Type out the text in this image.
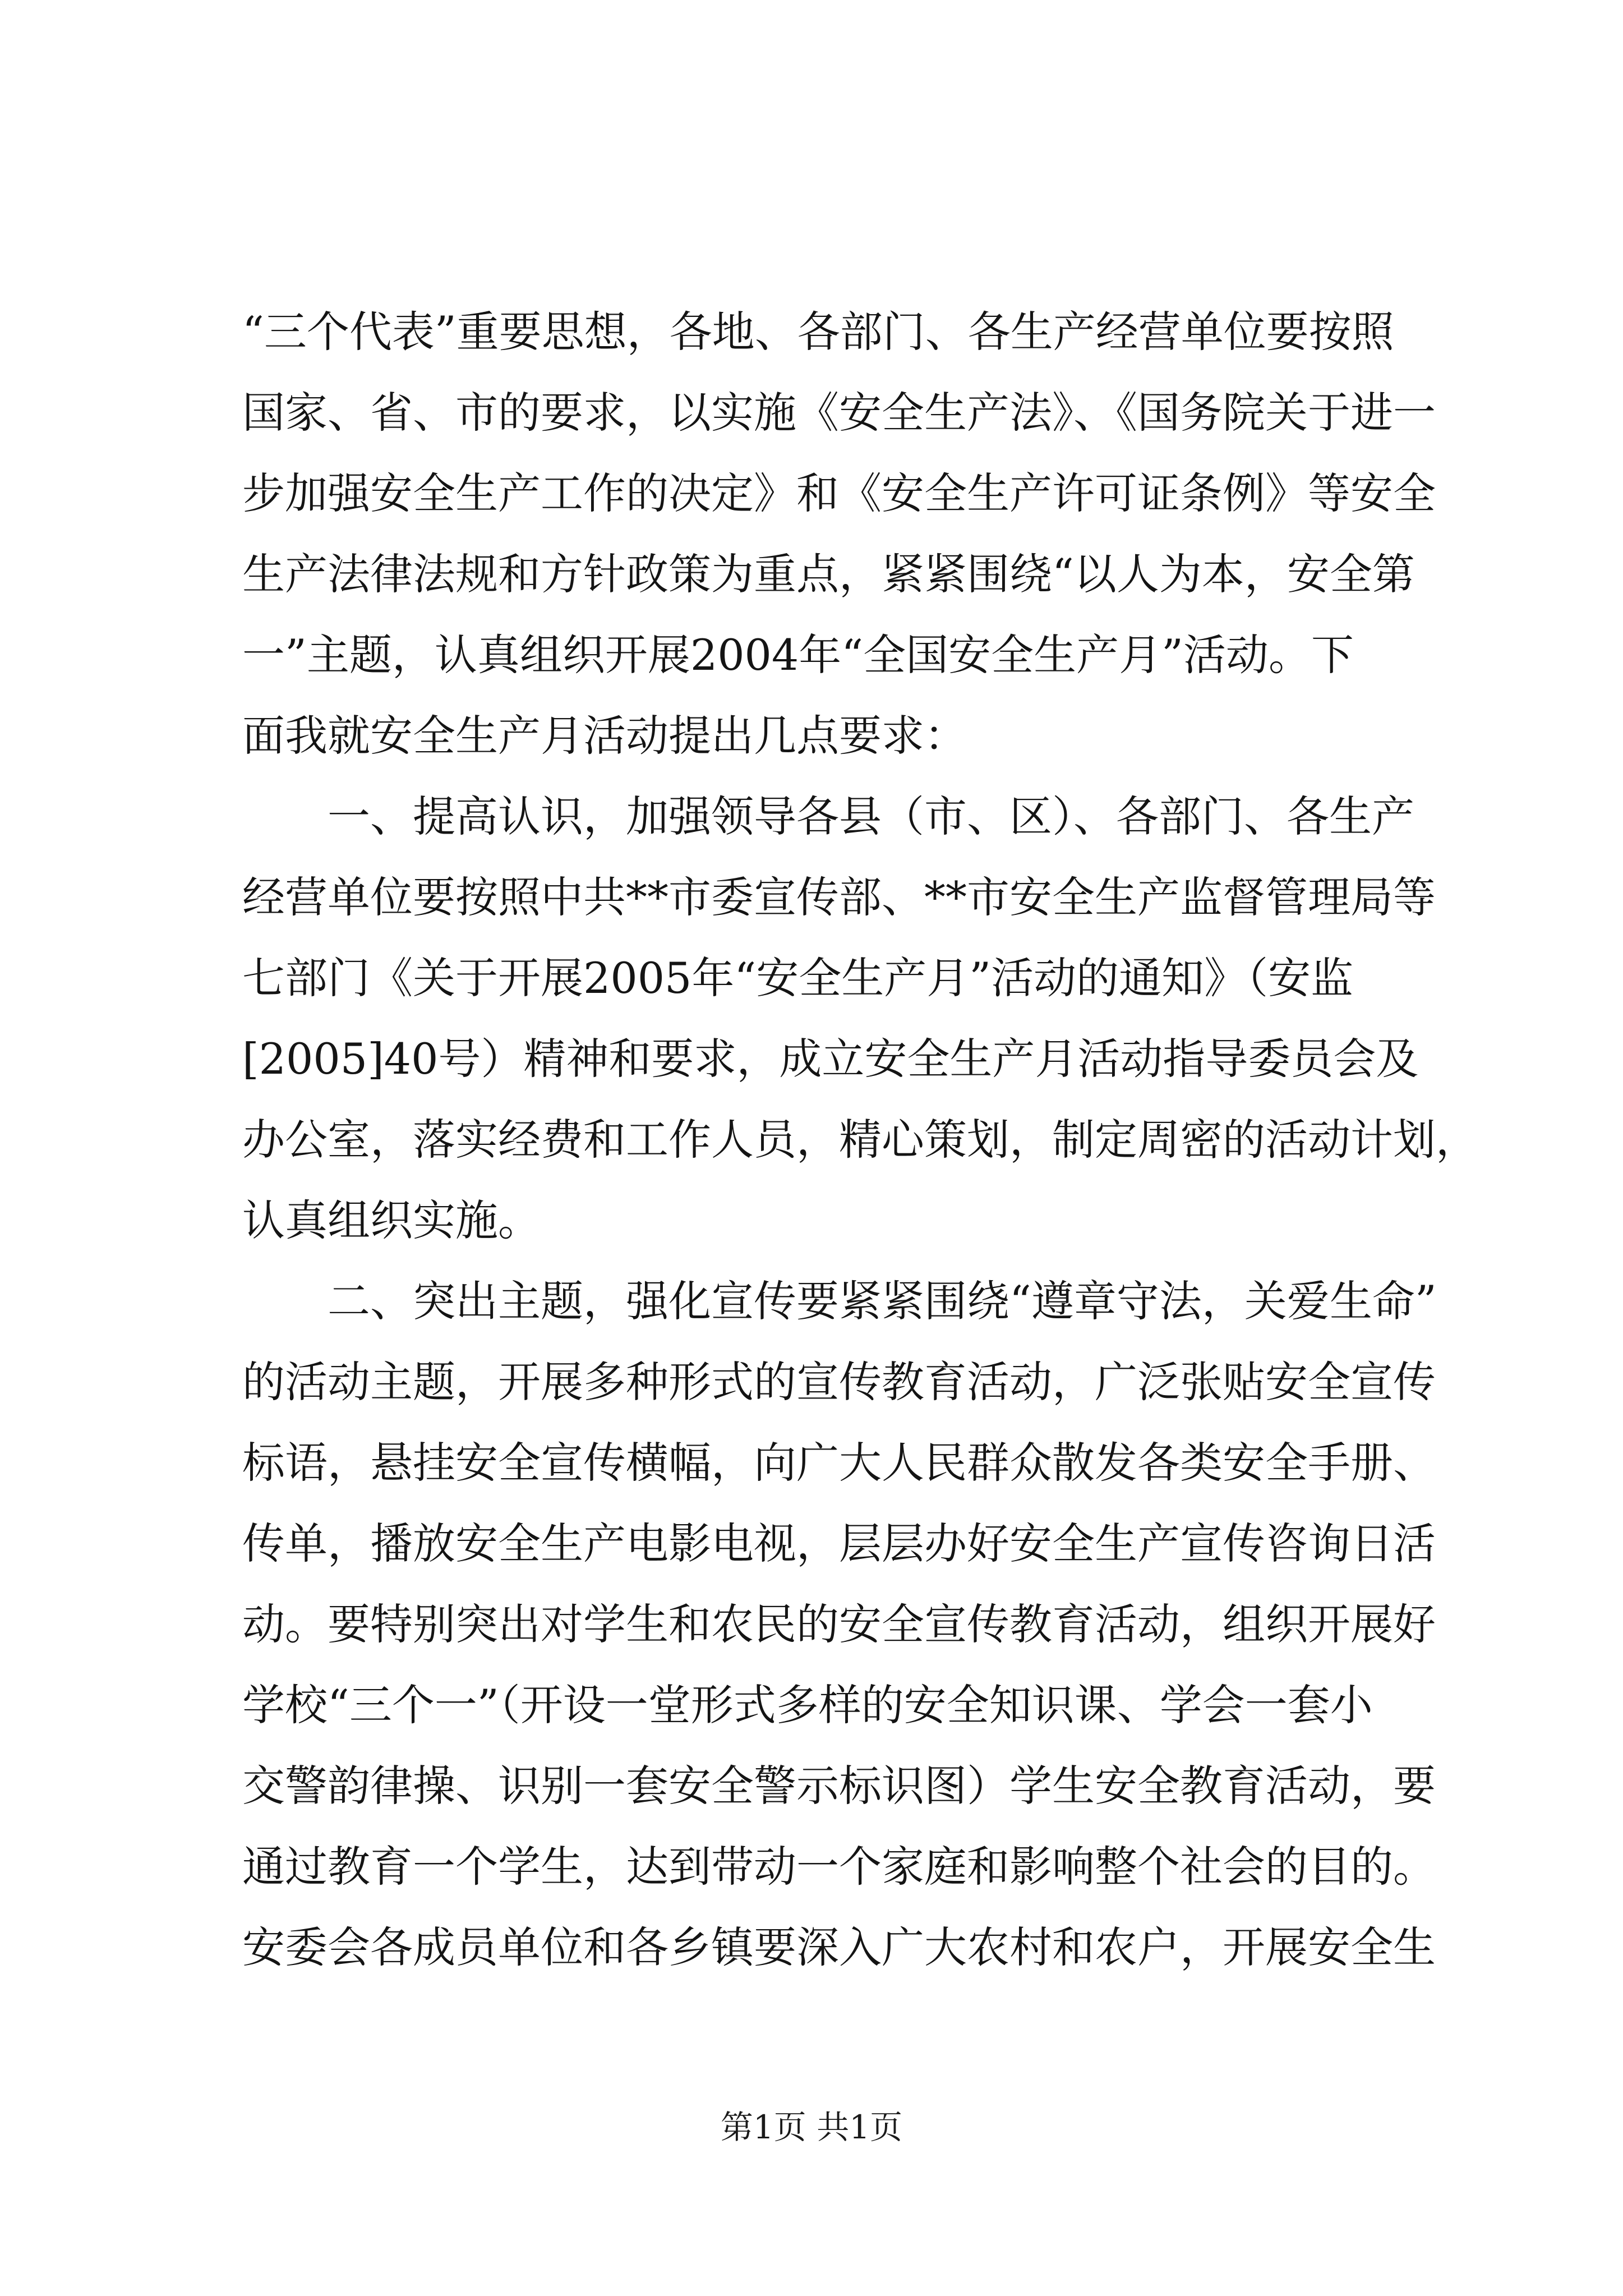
“三个代表”重要思想，各地、各部门、各生产经营单位要按照
国家、省、市的要求，以实施《安全生产法》、《国务院关于进一
步加强安全生产工作的决定》和《安全生产许可证条例》等安全
生产法律法规和方针政策为重点，紧紧围绕“以人为本，安全第
一”主题，认真组织开展2004年“全国安全生产月”活动。下
面我就安全生产月活动提出几点要求：
　　一、提高认识，加强领导各县（市、区）、各部门、各生产
经营单位要按照中共**市委宣传部、**市安全生产监督管理局等
七部门《关于开展2005年“安全生产月”活动的通知》（安监
[2005]40号）精神和要求，成立安全生产月活动指导委员会及
办公室，落实经费和工作人员，精心策划，制定周密的活动计划，
认真组织实施。
　　二、突出主题，强化宣传要紧紧围绕“遵章守法，关爱生命”
的活动主题，开展多种形式的宣传教育活动，广泛张贴安全宣传
标语，悬挂安全宣传横幅，向广大人民群众散发各类安全手册、
传单，播放安全生产电影电视，层层办好安全生产宣传咨询日活
动。要特别突出对学生和农民的安全宣传教育活动，组织开展好
学校“三个一”（开设一堂形式多样的安全知识课、学会一套小
交警韵律操、识别一套安全警示标识图）学生安全教育活动，要
通过教育一个学生，达到带动一个家庭和影响整个社会的目的。
安委会各成员单位和各乡镇要深入广大农村和农户，开展安全生
第1页 共1页
